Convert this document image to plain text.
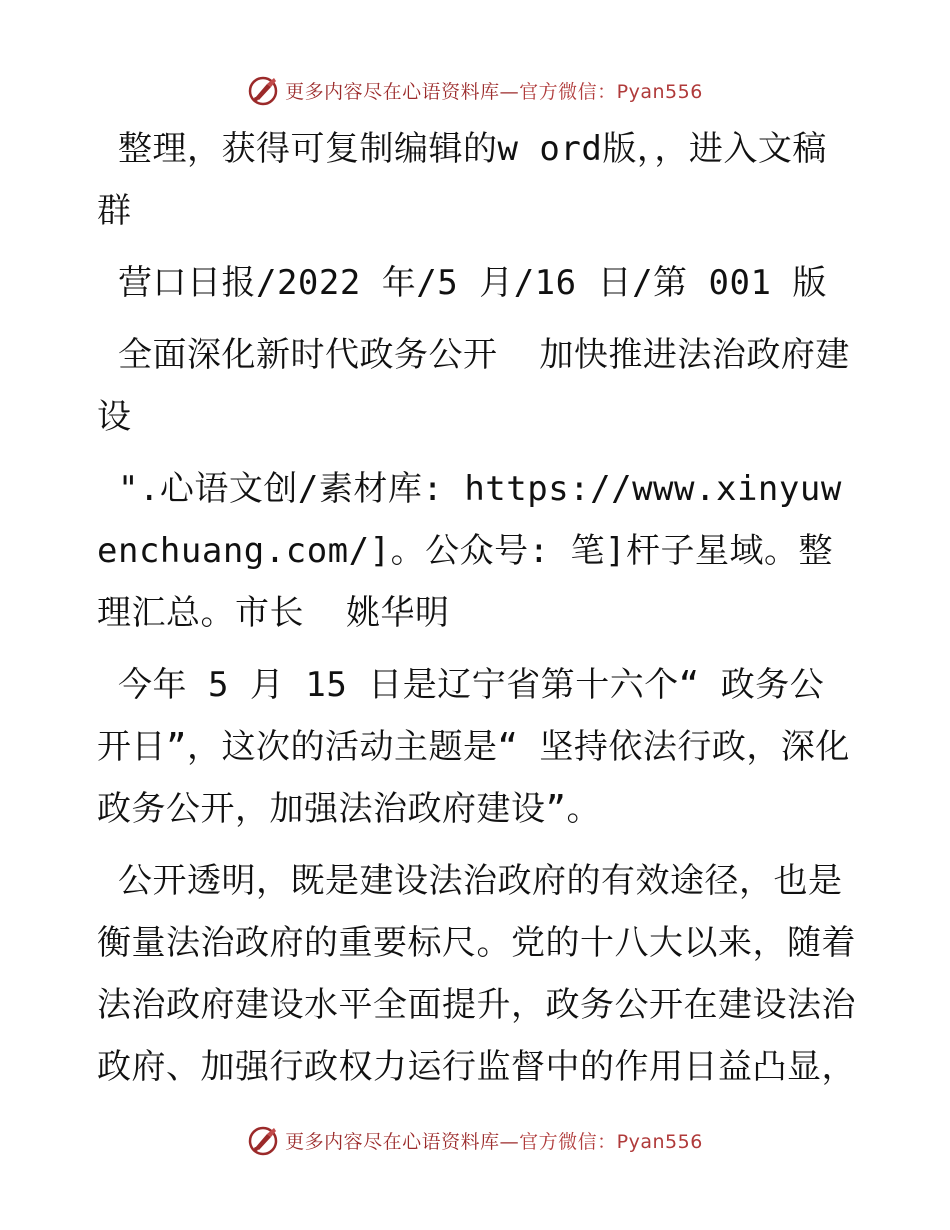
更多内容尽在心语资料库—官方微信：Pyan556

整理，获得可复制编辑的w ord版，，进入文稿群

营口日报/2022 年/5 月/16 日/第 001 版

全面深化新时代政务公开  加快推进法治政府建设

".心语文创/素材库: https://www.xinyuwenchuang.com/]。公众号: 笔]杆子星域。整理汇总。市长  姚华明

今年 5 月 15 日是辽宁省第十六个“ 政务公开日”，这次的活动主题是“ 坚持依法行政，深化政务公开，加强法治政府建设”。

公开透明，既是建设法治政府的有效途径，也是衡量法治政府的重要标尺。党的十八大以来，随着法治政府建设水平全面提升，政务公开在建设法治政府、加强行政权力运行监督中的作用日益凸显，

更多内容尽在心语资料库—官方微信：Pyan556
